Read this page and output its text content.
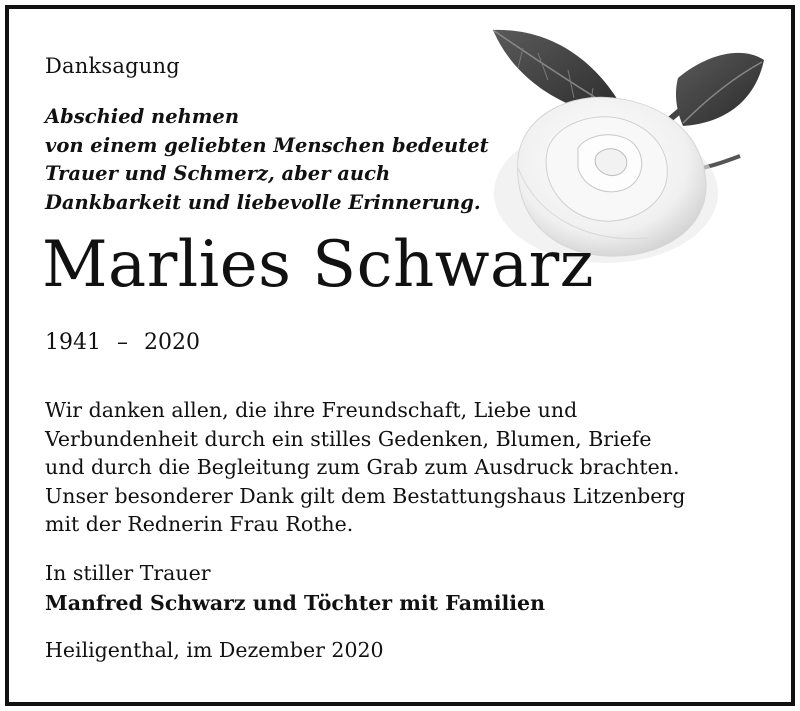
Danksagung
Abschied nehmen
von einem geliebten Menschen bedeutet
Trauer und Schmerz, aber auch
Dankbarkeit und liebevolle Erinnerung.
Marlies Schwarz
1941 – 2020
Wir danken allen, die ihre Freundschaft, Liebe und
Verbundenheit durch ein stilles Gedenken, Blumen, Briefe
und durch die Begleitung zum Grab zum Ausdruck brachten.
Unser besonderer Dank gilt dem Bestattungshaus Litzenberg
mit der Rednerin Frau Rothe.
In stiller Trauer
Manfred Schwarz und Töchter mit Familien
Heiligenthal, im Dezember 2020
